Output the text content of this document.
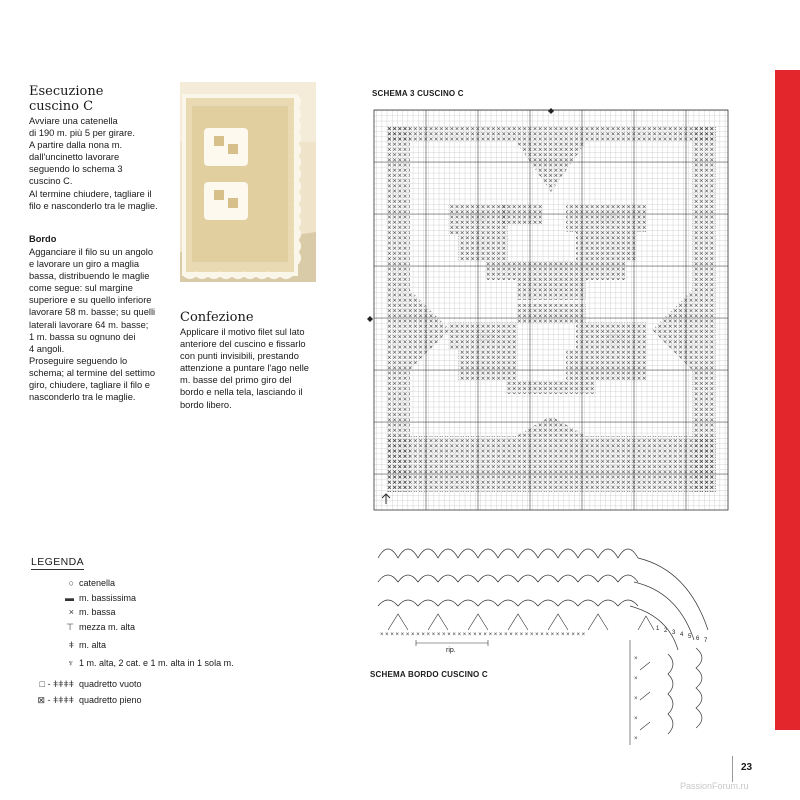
Esecuzione
cuscino C
Avviare una catenella
di 190 m. più 5 per girare.
A partire dalla nona m.
dall'uncinetto lavorare
seguendo lo schema 3
cuscino C.
Al termine chiudere, tagliare il
filo e nasconderlo tra le maglie.
Bordo
Agganciare il filo su un angolo
e lavorare un giro a maglia
bassa, distribuendo le maglie
come segue: sul margine
superiore e su quello inferiore
lavorare 58 m. basse; su quelli
laterali lavorare 64 m. basse;
1 m. bassa su ognuno dei
4 angoli.
Proseguire seguendo lo
schema; al termine del settimo
giro, chiudere, tagliare il filo e
nasconderlo tra le maglie.
Confezione
Applicare il motivo filet sul lato
anteriore del cuscino e fissarlo
con punti invisibili, prestando
attenzione a puntare l'ago nelle
m. basse del primo giro del
bordo e nella tela, lasciando il
bordo libero.
SCHEMA 3 CUSCINO C
× × × × × × × × × × × × × × × × × × × × × × × × × × × × × × × × × × × × × × × ×
×
×
×
×
×
rip.
1 2 3 4 5 6 7
SCHEMA BORDO CUSCINO C
LEGENDA
○ catenella
▬ m. bassissima
× m. bassa
⊤ mezza m. alta
ǂ m. alta
♆ 1 m. alta, 2 cat. e 1 m. alta in 1 sola m.
□ - ǂǂǂǂ quadretto vuoto
⊠ - ǂǂǂǂ quadretto pieno
23
PassionForum.ru
